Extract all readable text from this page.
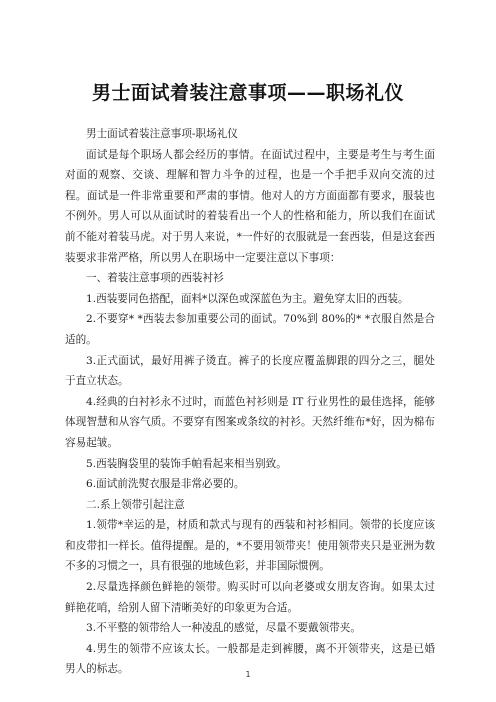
男士面试着装注意事项——职场礼仪

男士面试着装注意事项-职场礼仪

面试是每个职场人都会经历的事情。在面试过程中，主要是考生与考生面对面的观察、交谈、理解和智力斗争的过程，也是一个手把手双向交流的过程。面试是一件非常重要和严肃的事情。他对人的方方面面都有要求，服装也不例外。男人可以从面试时的着装看出一个人的性格和能力，所以我们在面试前不能对着装马虎。对于男人来说，*一件好的衣服就是一套西装，但是这套西装要求非常严格，所以男人在职场中一定要注意以下事项：

一、着装注意事项的西装衬衫

1.西装要同色搭配，面料*以深色或深蓝色为主。避免穿太旧的西装。

2.不要穿* *西装去参加重要公司的面试。70%到 80%的* *衣服自然是合适的。

3.正式面试，最好用裤子烫直。裤子的长度应覆盖脚跟的四分之三，腿处于直立状态。

4.经典的白衬衫永不过时，而蓝色衬衫则是 IT 行业男性的最佳选择，能够体现智慧和从容气质。不要穿有图案或条纹的衬衫。天然纤维布*好，因为棉布容易起皱。

5.西装胸袋里的装饰手帕看起来相当别致。

6.面试前洗熨衣服是非常必要的。

二.系上领带引起注意

1.领带*幸运的是，材质和款式与现有的西装和衬衫相同。领带的长度应该和皮带扣一样长。值得提醒。是的，*不要用领带夹！使用领带夹只是亚洲为数不多的习惯之一，具有很强的地域色彩，并非国际惯例。

2.尽量选择颜色鲜艳的领带。购买时可以向老婆或女朋友咨询。如果太过鲜艳花哨，给别人留下清晰美好的印象更为合适。

3.不平整的领带给人一种凌乱的感觉，尽量不要戴领带夹。

4.男生的领带不应该太长。一般都是走到裤腰，离不开领带夹，这是已婚男人的标志。	1
